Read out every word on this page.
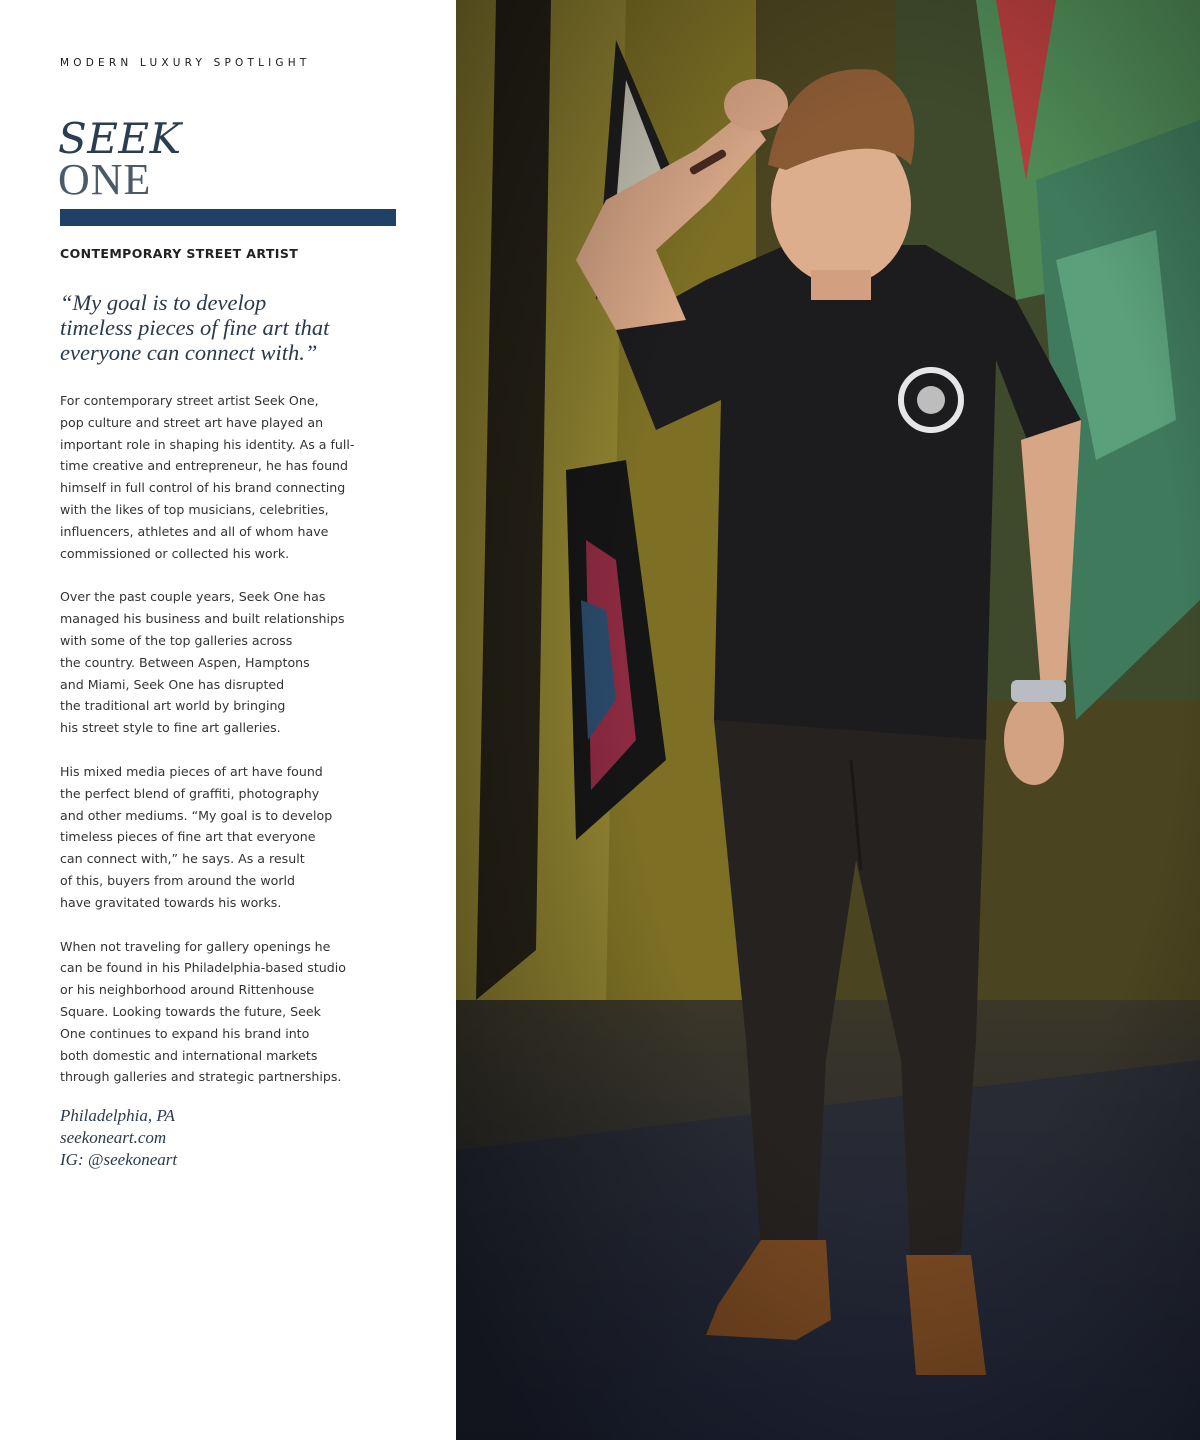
MODERN LUXURY SPOTLIGHT
SEEK
ONE
CONTEMPORARY STREET ARTIST
“My goal is to develop
timeless pieces of fine art that
everyone can connect with.”
For contemporary street artist Seek One,
pop culture and street art have played an
important role in shaping his identity. As a full-
time creative and entrepreneur, he has found
himself in full control of his brand connecting
with the likes of top musicians, celebrities,
influencers, athletes and all of whom have
commissioned or collected his work.
Over the past couple years, Seek One has
managed his business and built relationships
with some of the top galleries across
the country. Between Aspen, Hamptons
and Miami, Seek One has disrupted
the traditional art world by bringing
his street style to fine art galleries.
His mixed media pieces of art have found
the perfect blend of graffiti, photography
and other mediums. “My goal is to develop
timeless pieces of fine art that everyone
can connect with,” he says. As a result
of this, buyers from around the world
have gravitated towards his works.
When not traveling for gallery openings he
can be found in his Philadelphia-based studio
or his neighborhood around Rittenhouse
Square. Looking towards the future, Seek
One continues to expand his brand into
both domestic and international markets
through galleries and strategic partnerships.
Philadelphia, PA
seekoneart.com
IG: @seekoneart
